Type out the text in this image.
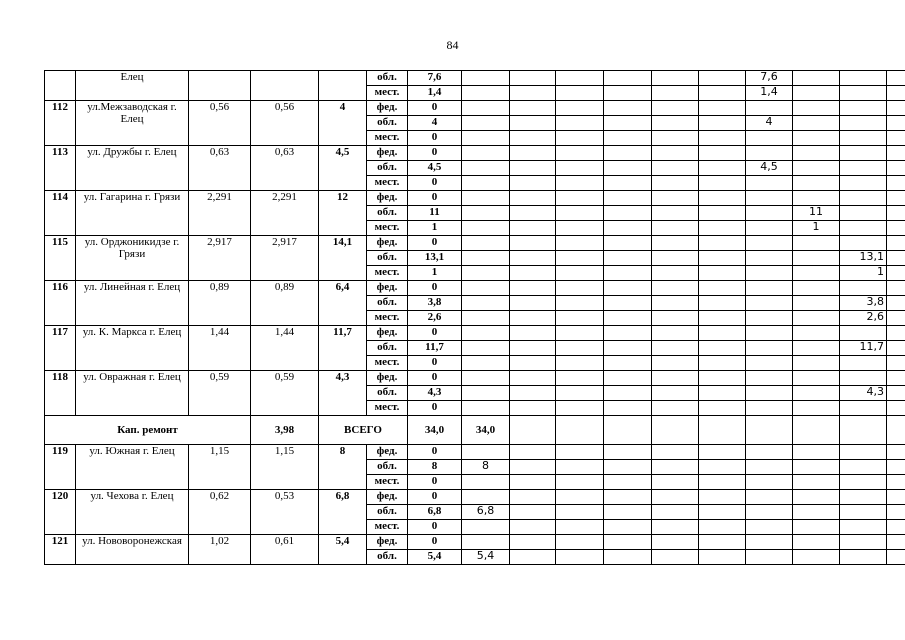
84
	Елец				обл.	7,6							7,6			
					мест.	1,4							1,4			
112	ул.Межзаводская г. Елец	0,56	0,56	4	фед.	0										
					обл.	4							4			
					мест.	0										
113	ул. Дружбы г. Елец	0,63	0,63	4,5	фед.	0										
					обл.	4,5							4,5			
					мест.	0										
114	ул. Гагарина г. Грязи	2,291	2,291	12	фед.	0										
					обл.	11								11		
					мест.	1								1		
115	ул. Орджоникидзе г. Грязи	2,917	2,917	14,1	фед.	0										
					обл.	13,1									13,1	
					мест.	1									1	
116	ул. Линейная г. Елец	0,89	0,89	6,4	фед.	0										
					обл.	3,8									3,8	
					мест.	2,6									2,6	
117	ул. К. Маркса г. Елец	1,44	1,44	11,7	фед.	0										
					обл.	11,7									11,7	
					мест.	0										
118	ул. Овражная г. Елец	0,59	0,59	4,3	фед.	0										
					обл.	4,3									4,3	
					мест.	0										
Кап. ремонт			3,98	ВСЕГО		34,0	34,0									
119	ул. Южная г. Елец	1,15	1,15	8	фед.	0										
					обл.	8	8									
					мест.	0										
120	ул. Чехова г. Елец	0,62	0,53	6,8	фед.	0										
					обл.	6,8	6,8									
					мест.	0										
121	ул. Нововоронежская	1,02	0,61	5,4	фед.	0										
					обл.	5,4	5,4									
